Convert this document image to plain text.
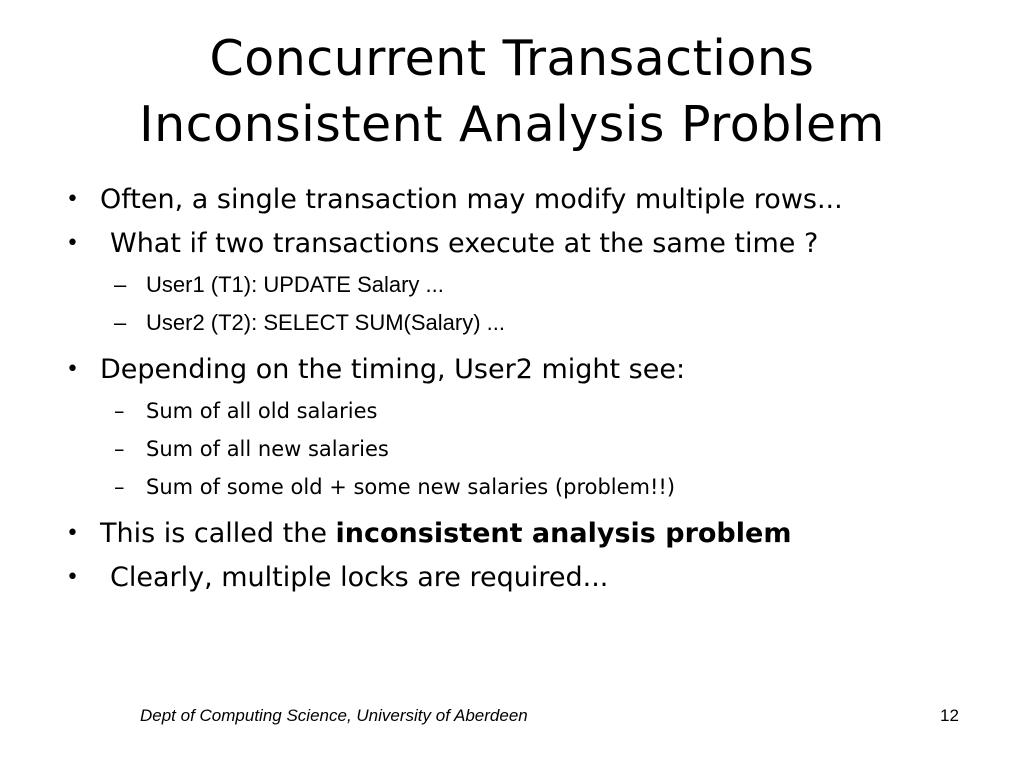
Concurrent Transactions
Inconsistent Analysis Problem
• Often, a single transaction may modify multiple rows...
• What if two transactions execute at the same time ?
– User1 (T1): UPDATE Salary ...
– User2 (T2): SELECT SUM(Salary) ...
• Depending on the timing, User2 might see:
– Sum of all old salaries
– Sum of all new salaries
– Sum of some old + some new salaries (problem!!)
• This is called the inconsistent analysis problem
• Clearly, multiple locks are required...
Dept of Computing Science, University of Aberdeen	12
